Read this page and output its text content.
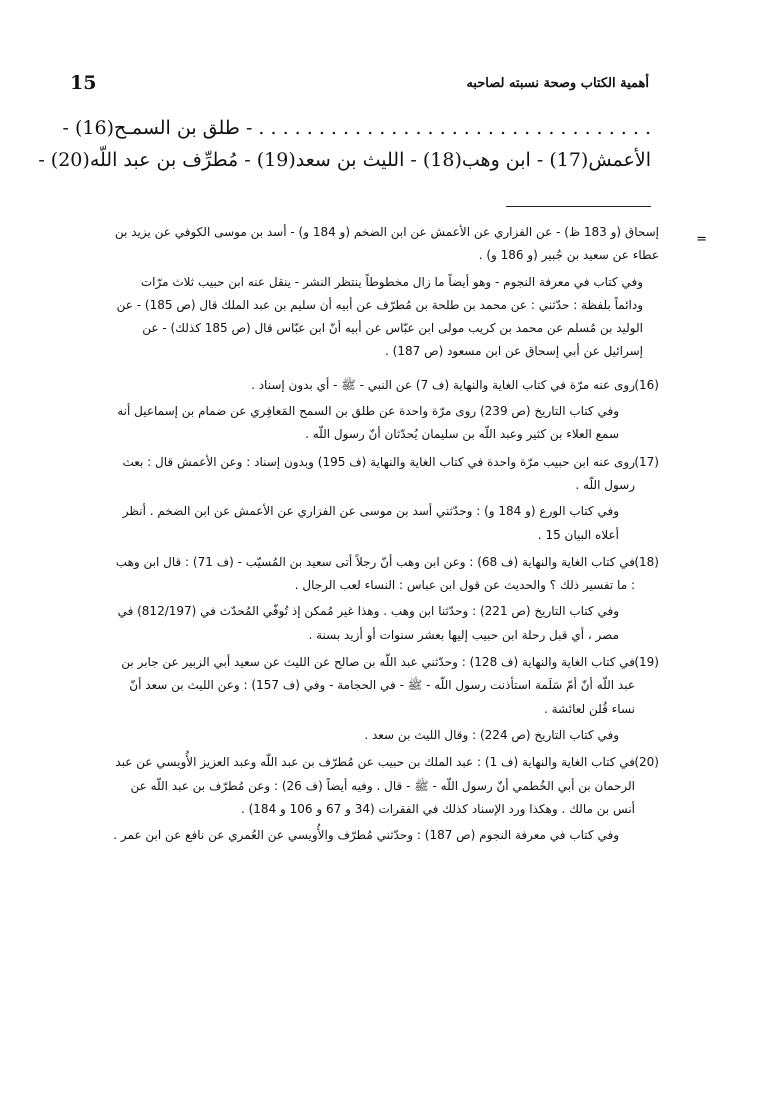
أهمية الكتاب وصحة نسبته لصاحبه
15
. . . . . . . . . . . . . . . . . . . . . . . . . . . . . . . . . - طلق بن السمـح(16) -
الأعمش(17) - ابن وهب(18) - الليث بن سعد(19) - مُطرِّف بن عبد اللّه(20) -
=
إسحاق (و 183 ظ) - عن الفزاري عن الأعمش عن ابن الضخم (و 184 و) - أسد بن موسى الكوفي عن يزيد بن عطاء عن سعيد بن جُبير (و 186 و) .
وفي كتاب في معرفة النجوم - وهو أيضاً ما زال مخطوطاً ينتظر النشر - ينقل عنه ابن حبيب ثلاث مرّات ودائماً بلفظة : حدّثني : عن محمد بن طلحة بن مُطرّف عن أبيه أن سليم بن عبد الملك قال (ص 185) - عن الوليد بن مُسلم عن محمد بن كريب مولى ابن عبّاس عن أبيه أنّ ابن عبّاس قال (ص 185 كذلك) - عن إسرائيل عن أبي إسحاق عن ابن مسعود (ص 187) .
(16)
روى عنه مرّة في كتاب الغاية والنهاية (ف 7) عن النبي - ﷺ - أي بدون إسناد .
وفي كتاب التاريخ (ص 239) روى مرّة واحدة عن طلق بن السمح المَعافِري عن ضمام بن إسماعيل أنه سمع العلاء بن كثير وعبد اللّه بن سليمان يُحدّثان أنّ رسول اللّه .
(17)
روى عنه ابن حبيب مرّة واحدة في كتاب الغاية والنهاية (ف 195) وبدون إسناد : وعن الأعمش قال : بعث رسول اللّه .
وفي كتاب الورع (و 184 و) : وحدّثني أسد بن موسى عن الفزاري عن الأعمش عن ابن الضخم . أنظر أعلاه البيان 15 .
(18)
في كتاب الغاية والنهاية (ف 68) : وعن ابن وهب أنّ رجلاً أتى سعيد بن المُسيّب - (ف 71) : قال ابن وهب : ما تفسير ذلك ؟ والحديث عن قول ابن عباس : النساء لعب الرجال .
وفي كتاب التاريخ (ص 221) : وحدّثنا ابن وهب . وهذا غير مُمكن إذ تُوفّي المُحدّث في (812/197) في مصر ، أي قبل رحلة ابن حبيب إليها بعشر سنوات أو أزيد بسنة .
(19)
في كتاب الغاية والنهاية (ف 128) : وحدّثني عبد اللّه بن صالح عن الليث عن سعيد أبي الزبير عن جابر بن عبد اللّه أنّ أمّ سَلَمة استأذنت رسول اللّه - ﷺ - في الحجامة - وفي (ف 157) : وعن الليث بن سعد أنّ نساء قُلن لعائشة .
وفي كتاب التاريخ (ص 224) : وقال الليث بن سعد .
(20)
في كتاب الغاية والنهاية (ف 1) : عبد الملك بن حبيب عن مُطرّف بن عبد اللّه وعبد العزيز الأُويسي عن عبد الرحمان بن أبي الخُطمي أنّ رسول اللّه - ﷺ - قال . وفيه أيضاً (ف 26) : وعن مُطرّف بن عبد اللّه عن أنس بن مالك . وهكذا ورد الإسناد كذلك في الفقرات (34 و 67 و 106 و 184) .
وفي كتاب في معرفة النجوم (ص 187) : وحدّثني مُطرّف والأُويسي عن العُمري عن نافع عن ابن عمر .
